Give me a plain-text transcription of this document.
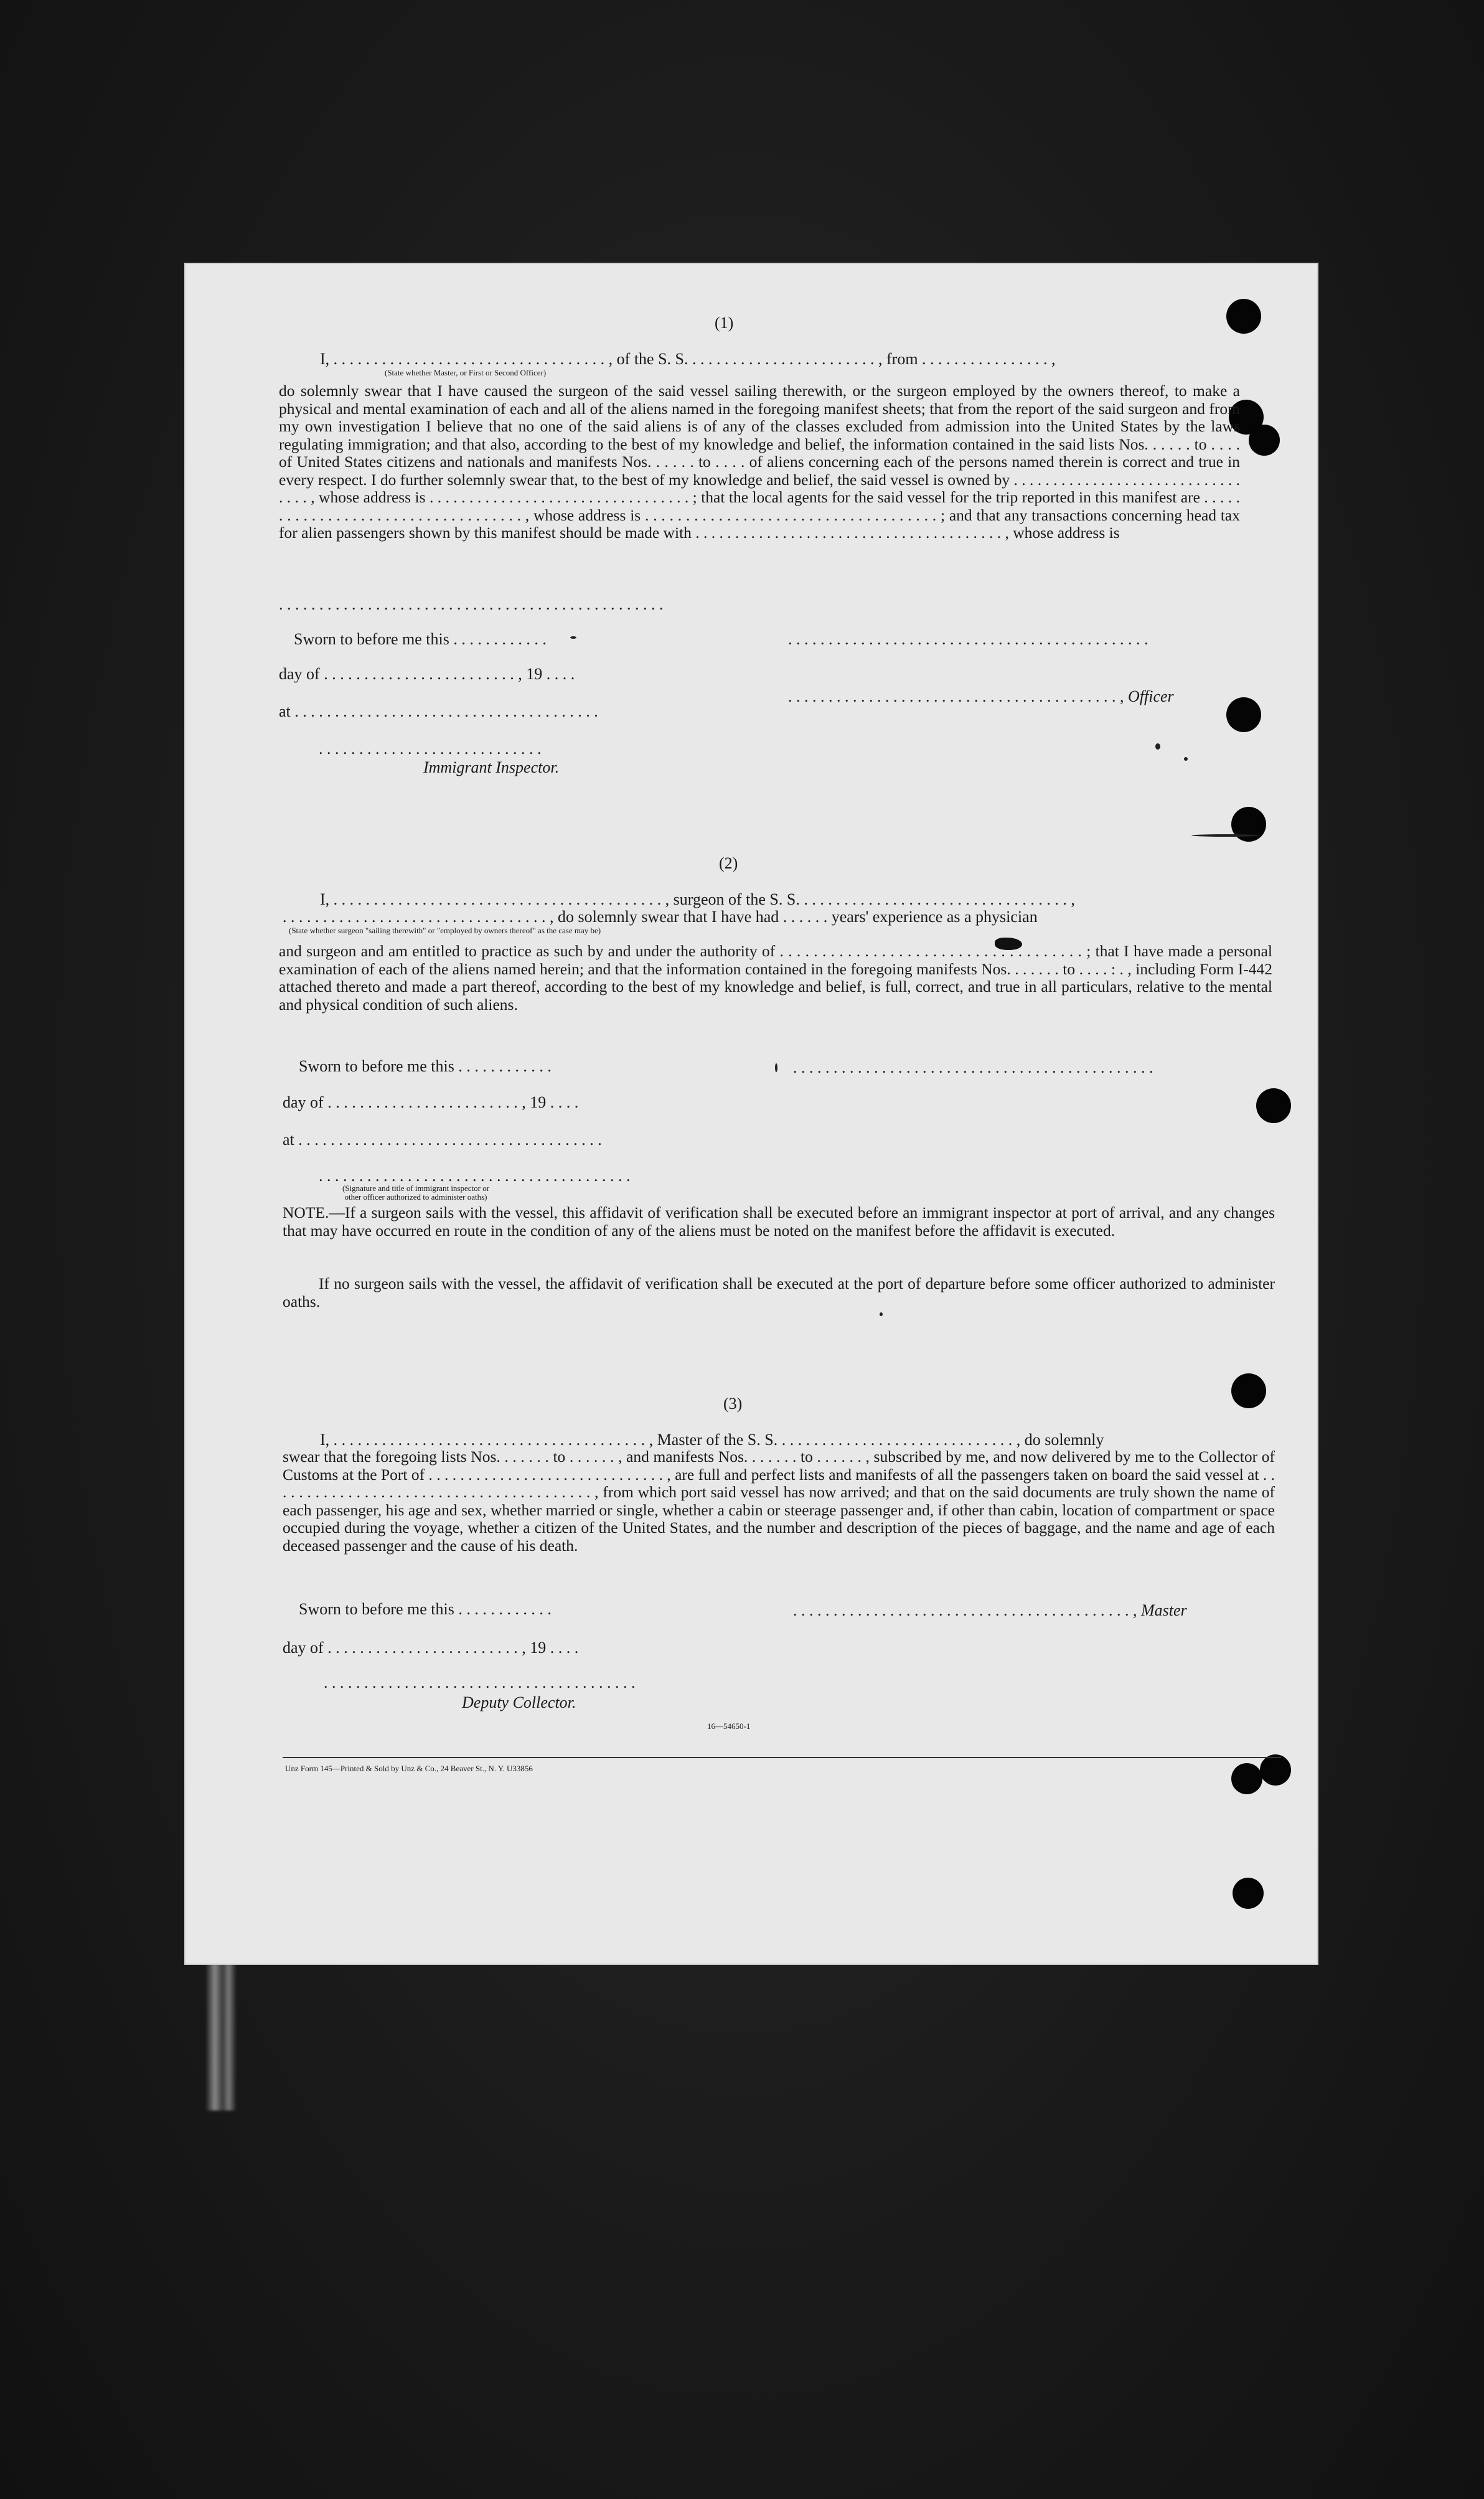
(1)
I, . . . . . . . . . . . . . . . . . . . . . . . . . . . . . . . . . . , of the S. S. . . . . . . . . . . . . . . . . . . . . . . . , from . . . . . . . . . . . . . . . . ,
(State whether Master, or First or Second Officer)
do solemnly swear that I have caused the surgeon of the said vessel sailing therewith, or the surgeon employed by the owners thereof, to make a physical and mental examination of each and all of the aliens named in the foregoing manifest sheets; that from the report of the said surgeon and from my own investigation I believe that no one of the said aliens is of any of the classes excluded from admission into the United States by the laws regulating immigration; and that also, according to the best of my knowledge and belief, the information contained in the said lists Nos. . . . . . to . . . . of United States citizens and nationals and manifests Nos. . . . . . to . . . . of aliens concerning each of the persons named therein is correct and true in every respect. I do further solemnly swear that, to the best of my knowledge and belief, the said vessel is owned by . . . . . . . . . . . . . . . . . . . . . . . . . . . . . . . . . , whose address is . . . . . . . . . . . . . . . . . . . . . . . . . . . . . . . . . ; that the local agents for the said vessel for the trip reported in this manifest are . . . . . . . . . . . . . . . . . . . . . . . . . . . . . . . . . . . , whose address is . . . . . . . . . . . . . . . . . . . . . . . . . . . . . . . . . . . . ; and that any transactions concerning head tax for alien passengers shown by this manifest should be made with . . . . . . . . . . . . . . . . . . . . . . . . . . . . . . . . . . . . . . . , whose address is
. . . . . . . . . . . . . . . . . . . . . . . . . . . . . . . . . . . . . . . . . . . . . . . .
Sworn to before me this . . . . . . . . . . . .	. . . . . . . . . . . . . . . . . . . . . . . . . . . . . . . . . . . . . . . . . . . . .
day of . . . . . . . . . . . . . . . . . . . . . . . . , 19 . . . .
. . . . . . . . . . . . . . . . . . . . . . . . . . . . . . . . . . . . . . . . . , Officer
at . . . . . . . . . . . . . . . . . . . . . . . . . . . . . . . . . . . . . .
. . . . . . . . . . . . . . . . . . . . . . . . . . . .
Immigrant Inspector.
(2)
I, . . . . . . . . . . . . . . . . . . . . . . . . . . . . . . . . . . . . . . . . . , surgeon of the S. S. . . . . . . . . . . . . . . . . . . . . . . . . . . . . . . . . . ,
. . . . . . . . . . . . . . . . . . . . . . . . . . . . . . . . . , do solemnly swear that I have had . . . . . . years' experience as a physician
(State whether surgeon "sailing therewith" or "employed by owners thereof" as the case may be)
and surgeon and am entitled to practice as such by and under the authority of . . . . . . . . . . . . . . . . . . . . . . . . . . . . . . . . . . . . ; that I have made a personal examination of each of the aliens named herein; and that the information contained in the foregoing manifests Nos. . . . . . . to . . . . : . , including Form I-442 attached thereto and made a part thereof, according to the best of my knowledge and belief, is full, correct, and true in all particulars, relative to the mental and physical condition of such aliens.
Sworn to before me this . . . . . . . . . . . .	. . . . . . . . . . . . . . . . . . . . . . . . . . . . . . . . . . . . . . . . . . . . .
day of . . . . . . . . . . . . . . . . . . . . . . . . , 19 . . . .
at . . . . . . . . . . . . . . . . . . . . . . . . . . . . . . . . . . . . . .
. . . . . . . . . . . . . . . . . . . . . . . . . . . . . . . . . . . . . . .
(Signature and title of immigrant inspector or other officer authorized to administer oaths)
NOTE.—If a surgeon sails with the vessel, this affidavit of verification shall be executed before an immigrant inspector at port of arrival, and any changes that may have occurred en route in the condition of any of the aliens must be noted on the manifest before the affidavit is executed.
If no surgeon sails with the vessel, the affidavit of verification shall be executed at the port of departure before some officer authorized to administer oaths.
(3)
I, . . . . . . . . . . . . . . . . . . . . . . . . . . . . . . . . . . . . . . . , Master of the S. S. . . . . . . . . . . . . . . . . . . . . . . . . . . . . . , do solemnly
swear that the foregoing lists Nos. . . . . . . to . . . . . . , and manifests Nos. . . . . . . to . . . . . . , subscribed by me, and now delivered by me to the Collector of Customs at the Port of . . . . . . . . . . . . . . . . . . . . . . . . . . . . . . , are full and perfect lists and manifests of all the passengers taken on board the said vessel at . . . . . . . . . . . . . . . . . . . . . . . . . . . . . . . . . . . . . . . . , from which port said vessel has now arrived; and that on the said documents are truly shown the name of each passenger, his age and sex, whether married or single, whether a cabin or steerage passenger and, if other than cabin, location of compartment or space occupied during the voyage, whether a citizen of the United States, and the number and description of the pieces of baggage, and the name and age of each deceased passenger and the cause of his death.
Sworn to before me this . . . . . . . . . . . .	. . . . . . . . . . . . . . . . . . . . . . . . . . . . . . . . . . . . . . . . . . , Master
day of . . . . . . . . . . . . . . . . . . . . . . . . , 19 . . . .
. . . . . . . . . . . . . . . . . . . . . . . . . . . . . . . . . . . . . . .
Deputy Collector.
16—54650-1
Unz Form 145—Printed & Sold by Unz & Co., 24 Beaver St., N. Y. U33856
